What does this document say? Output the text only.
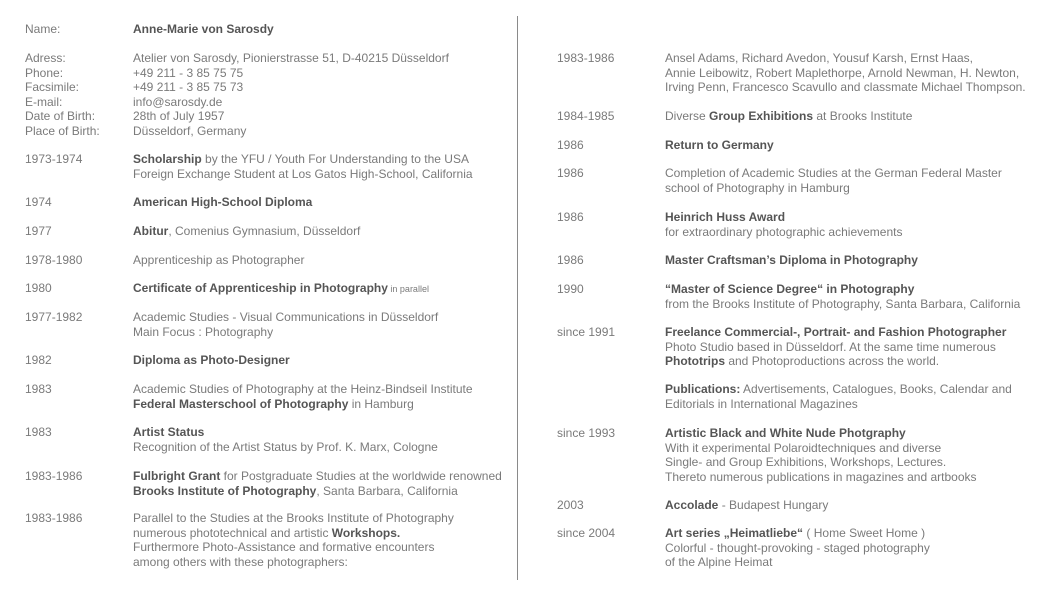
Name:	Anne-Marie von Sarosdy
Adress:	Atelier von Sarosdy, Pionierstrasse 51, D-40215 Düsseldorf
Phone:	+49 211 - 3 85 75 75
Facsimile:	+49 211 - 3 85 75 73
E-mail:	info@sarosdy.de
Date of Birth:	28th of July 1957
Place of Birth:	Düsseldorf, Germany
1973-1974	Scholarship by the YFU / Youth For Understanding to the USA
Foreign Exchange Student at Los Gatos High-School, California
1974	American High-School Diploma
1977	Abitur, Comenius Gymnasium, Düsseldorf
1978-1980	Apprenticeship as Photographer
1980	Certificate of Apprenticeship in Photography in parallel
1977-1982	Academic Studies - Visual Communications in Düsseldorf
Main Focus : Photography
1982	Diploma as Photo-Designer
1983	Academic Studies of Photography at the Heinz-Bindseil Institute
Federal Masterschool of Photography in Hamburg
1983	Artist Status
Recognition of the Artist Status by Prof. K. Marx, Cologne
1983-1986	Fulbright Grant for Postgraduate Studies at the worldwide renowned
Brooks Institute of Photography, Santa Barbara, California
1983-1986	Parallel to the Studies at the Brooks Institute of Photography
numerous phototechnical and artistic Workshops.
Furthermore Photo-Assistance and formative encounters
among others with these photographers:
1983-1986	Ansel Adams, Richard Avedon, Yousuf Karsh, Ernst Haas,
Annie Leibowitz, Robert Maplethorpe, Arnold Newman, H. Newton,
Irving Penn, Francesco Scavullo and classmate Michael Thompson.
1984-1985	Diverse Group Exhibitions at Brooks Institute
1986	Return to Germany
1986	Completion of Academic Studies at the German Federal Master
school of Photography in Hamburg
1986	Heinrich Huss Award
for extraordinary photographic achievements
1986	Master Craftsman’s Diploma in Photography
1990	“Master of Science Degree“ in Photography
from the Brooks Institute of Photography, Santa Barbara, California
since 1991	Freelance Commercial-, Portrait- and Fashion Photographer
Photo Studio based in Düsseldorf. At the same time numerous
Phototrips and Photoproductions across the world.
Publications: Advertisements, Catalogues, Books, Calendar and
Editorials in International Magazines
since 1993	Artistic Black and White Nude Photgraphy
With it experimental Polaroidtechniques and diverse
Single- and Group Exhibitions, Workshops, Lectures.
Thereto numerous publications in magazines and artbooks
2003	Accolade - Budapest Hungary
since 2004	Art series „Heimatliebe“ ( Home Sweet Home )
Colorful - thought-provoking - staged photography
of the Alpine Heimat
